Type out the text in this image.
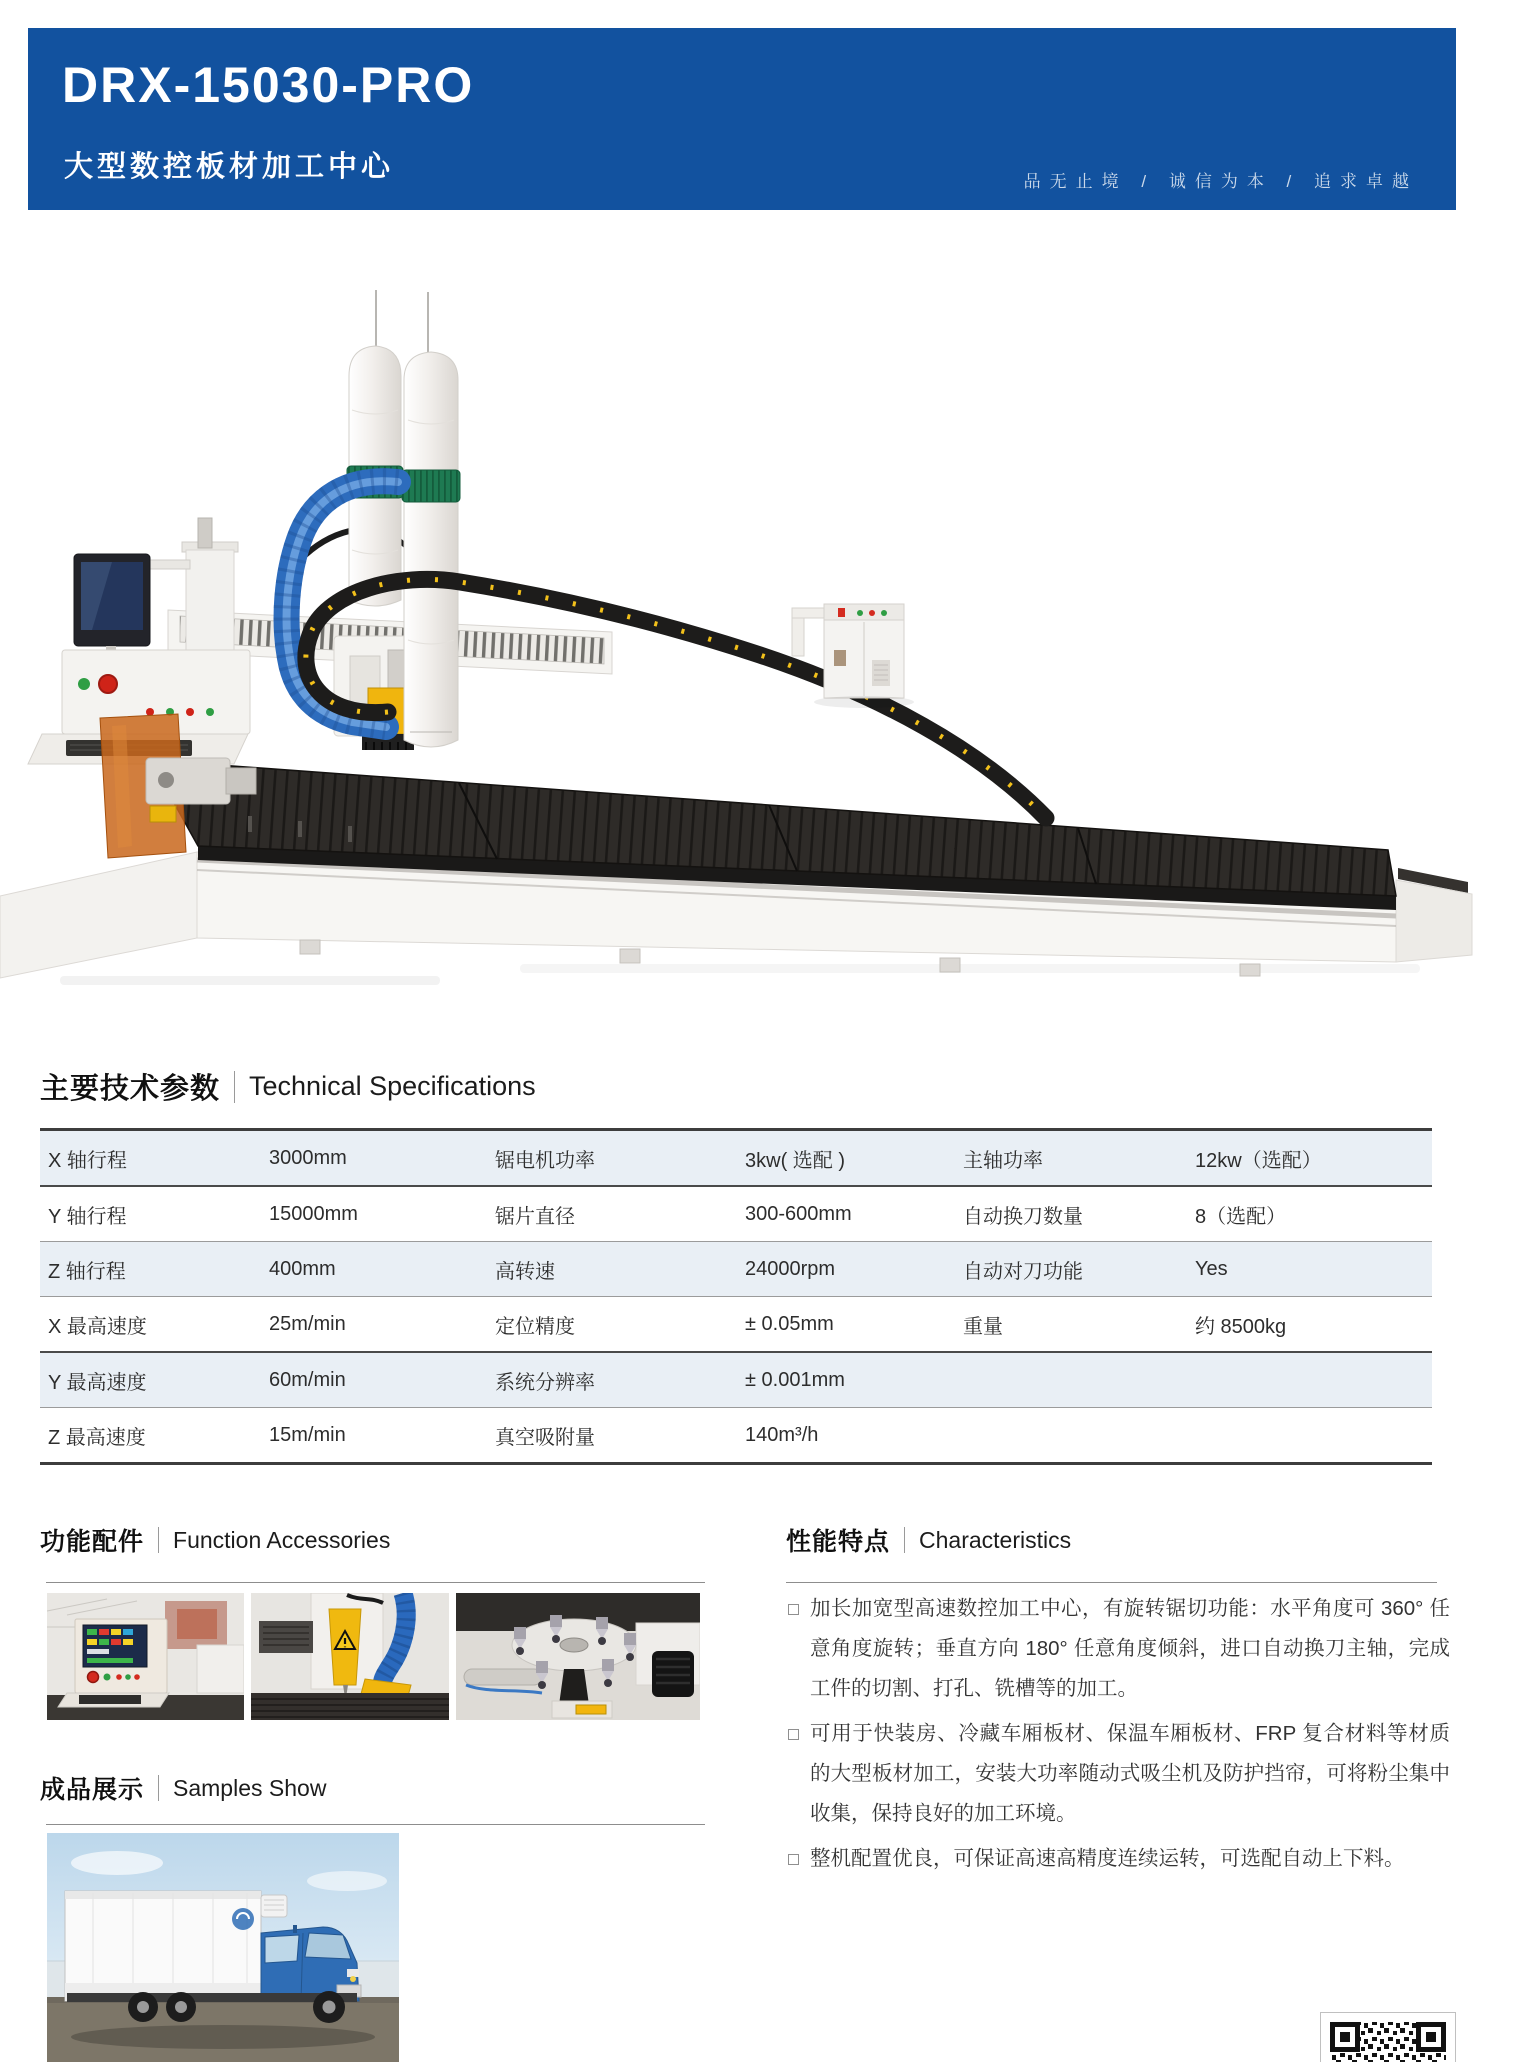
DRX-15030-PRO
大型数控板材加工中心	品无止境 / 诚信为本 / 追求卓越
主要技术参数 Technical Specifications
X 轴行程	3000mm	锯电机功率	3kw( 选配 )	主轴功率	12kw（选配）
Y 轴行程	15000mm	锯片直径	300-600mm	自动换刀数量	8（选配）
Z 轴行程	400mm	高转速	24000rpm	自动对刀功能	Yes
X 最高速度	25m/min	定位精度	± 0.05mm	重量	约 8500kg
Y 最高速度	60m/min	系统分辨率	± 0.001mm
Z 最高速度	15m/min	真空吸附量	140m³/h
功能配件 Function Accessories	性能特点 Characteristics
加长加宽型高速数控加工中心，有旋转锯切功能：水平角度可 360° 任意角度旋转；垂直方向 180° 任意角度倾斜，进口自动换刀主轴，完成工件的切割、打孔、铣槽等的加工。
可用于快装房、冷藏车厢板材、保温车厢板材、FRP 复合材料等材质的大型板材加工，安装大功率随动式吸尘机及防护挡帘，可将粉尘集中收集，保持良好的加工环境。
整机配置优良，可保证高速高精度连续运转，可选配自动上下料。
成品展示 Samples Show
